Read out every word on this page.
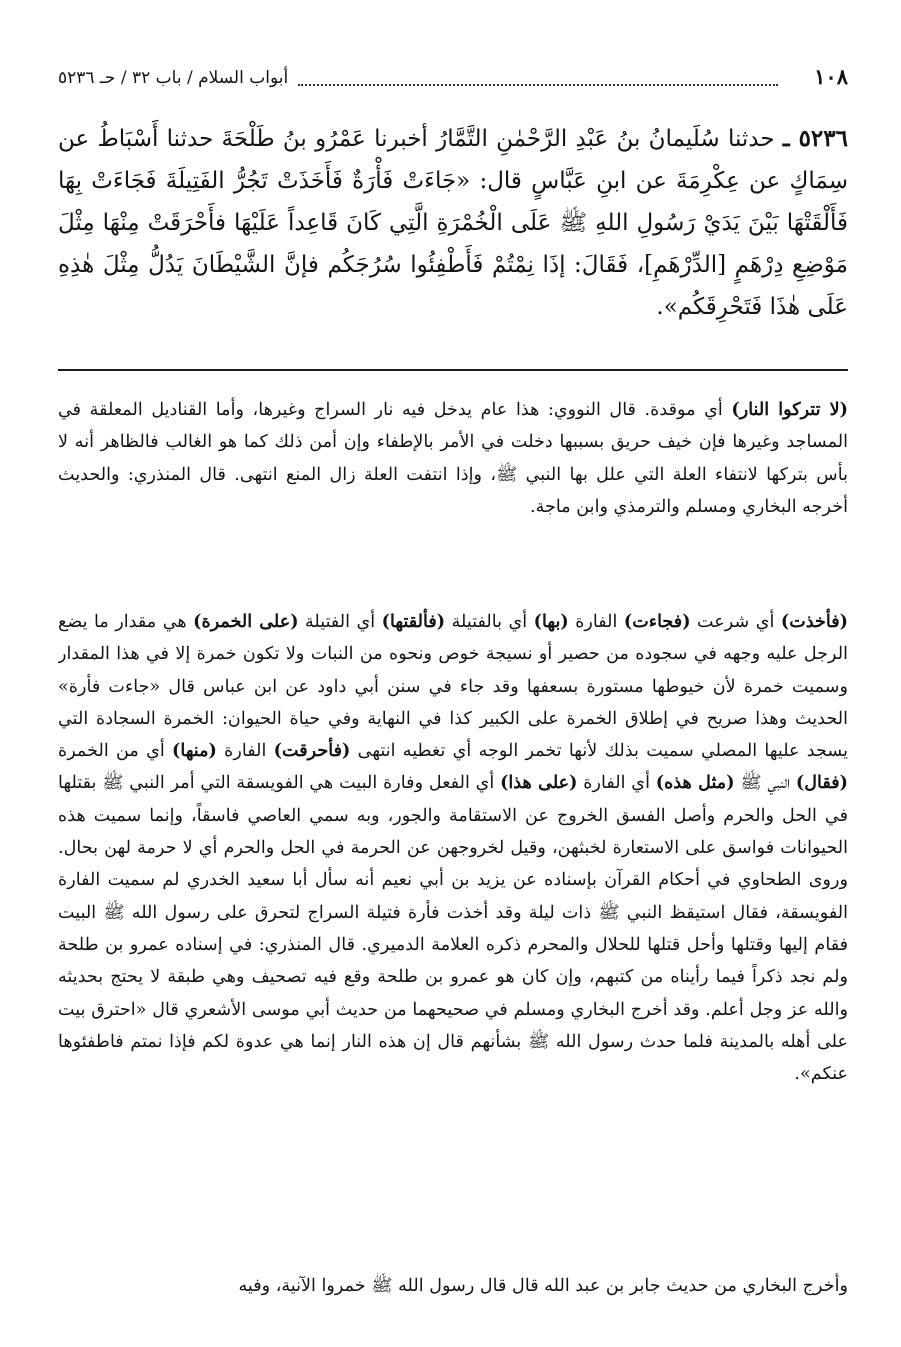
١٠٨
أبواب السلام / باب ٣٢ / حـ ٥٢٣٦
٥٢٣٦ ـ حدثنا سُلَيمانُ بنُ عَبْدِ الرَّحْمٰنِ التَّمَّارُ أخبرنا عَمْرُو بنُ طَلْحَةَ حدثنا أَسْبَاطُ عن سِمَاكٍ عن عِكْرِمَةَ عن ابنِ عَبَّاسٍ قال: «جَاءَتْ فَأْرَةٌ فَأَخَذَتْ تَجُرُّ الفَتِيلَةَ فَجَاءَتْ بِهَا فَأَلْقَتْهَا بَيْنَ يَدَيْ رَسُولِ اللهِ ﷺ عَلَى الْخُمْرَةِ الَّتِي كَانَ قَاعِداً عَلَيْهَا فأَحْرَقَتْ مِنْهَا مِثْلَ مَوْضِعِ دِرْهَمٍ [الدِّرْهَمِ]، فَقَالَ: إذَا نِمْتُمْ فَأَطْفِئُوا سُرُجَكُم فإنَّ الشَّيْطَانَ يَدُلُّ مِثْلَ هٰذِهِ عَلَى هٰذَا فَتَحْرِقَكُم».

(لا تتركوا النار) أي موقدة. قال النووي: هذا عام يدخل فيه نار السراج وغيرها، وأما القناديل المعلقة في المساجد وغيرها فإن خيف حريق بسببها دخلت في الأمر بالإطفاء وإن أمن ذلك كما هو الغالب فالظاهر أنه لا بأس بتركها لانتفاء العلة التي علل بها النبي ﷺ، وإذا انتفت العلة زال المنع انتهى. قال المنذري: والحديث أخرجه البخاري ومسلم والترمذي وابن ماجة.

(فأخذت) أي شرعت (فجاءت) الفارة (بها) أي بالفتيلة (فألقتها) أي الفتيلة (على الخمرة) هي مقدار ما يضع الرجل عليه وجهه في سجوده من حصير أو نسيجة خوص ونحوه من النبات ولا تكون خمرة إلا في هذا المقدار وسميت خمرة لأن خيوطها مستورة بسعفها وقد جاء في سنن أبي داود عن ابن عباس قال «جاءت فأرة» الحديث وهذا صريح في إطلاق الخمرة على الكبير كذا في النهاية وفي حياة الحيوان: الخمرة السجادة التي يسجد عليها المصلي سميت بذلك لأنها تخمر الوجه أي تغطيه انتهى (فأحرقت) الفارة (منها) أي من الخمرة (فقال) النبي ﷺ (مثل هذه) أي الفارة (على هذا) أي الفعل وفارة البيت هي الفويسقة التي أمر النبي ﷺ بقتلها في الحل والحرم وأصل الفسق الخروج عن الاستقامة والجور، وبه سمي العاصي فاسقاً، وإنما سميت هذه الحيوانات فواسق على الاستعارة لخبثهن، وقيل لخروجهن عن الحرمة في الحل والحرم أي لا حرمة لهن بحال. وروى الطحاوي في أحكام القرآن بإسناده عن يزيد بن أبي نعيم أنه سأل أبا سعيد الخدري لم سميت الفارة الفويسقة، فقال استيقظ النبي ﷺ ذات ليلة وقد أخذت فأرة فتيلة السراج لتحرق على رسول الله ﷺ البيت فقام إليها وقتلها وأحل قتلها للحلال والمحرم ذكره العلامة الدميري. قال المنذري: في إسناده عمرو بن طلحة ولم نجد ذكراً فيما رأيناه من كتبهم، وإن كان هو عمرو بن طلحة وقع فيه تصحيف وهي طبقة لا يحتج بحديثه والله عز وجل أعلم. وقد أخرج البخاري ومسلم في صحيحهما من حديث أبي موسى الأشعري قال «احترق بيت على أهله بالمدينة فلما حدث رسول الله ﷺ بشأنهم قال إن هذه النار إنما هي عدوة لكم فإذا نمتم فاطفئوها عنكم».

وأخرج البخاري من حديث جابر بن عبد الله قال قال رسول الله ﷺ خمروا الآنية، وفيه
